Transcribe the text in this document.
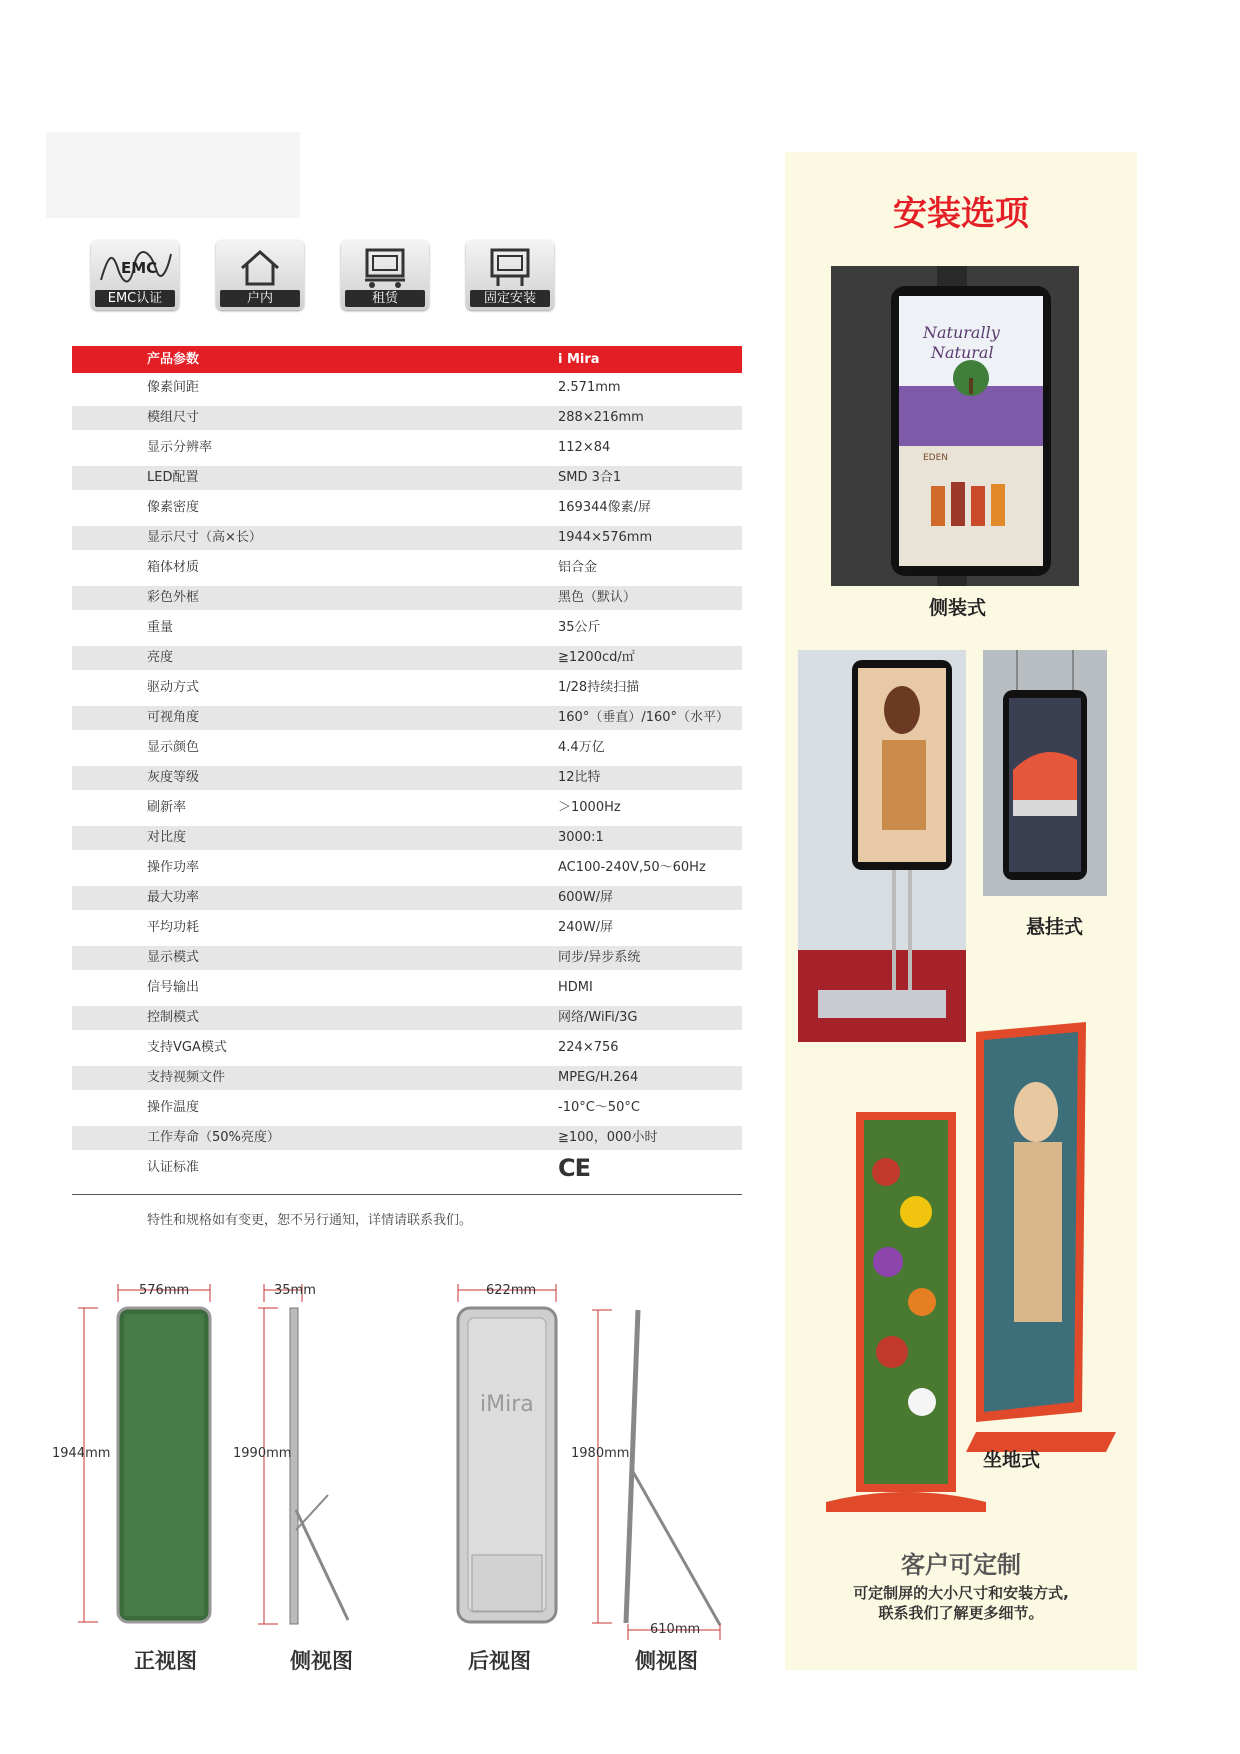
EMC
EMC认证	户内	租赁	固定安装
产品参数	i Mira
像素间距	2.571mm
模组尺寸	288×216mm
显示分辨率	112×84
LED配置	SMD 3合1
像素密度	169344像素/屏
显示尺寸（高×长）	1944×576mm
箱体材质	铝合金
彩色外框	黑色（默认）
重量	35公斤
亮度	≧1200cd/㎡
驱动方式	1/28持续扫描
可视角度	160°（垂直）/160°（水平）
显示颜色	4.4万亿
灰度等级	12比特
刷新率	＞1000Hz
对比度	3000:1
操作功率	AC100-240V,50～60Hz
最大功率	600W/屏
平均功耗	240W/屏
显示模式	同步/异步系统
信号输出	HDMI
控制模式	网络/WiFi/3G
支持VGA模式	224×756
支持视频文件	MPEG/H.264
操作温度	-10°C～50°C
工作寿命（50%亮度）	≧100，000小时
认证标准	CE
特性和规格如有变更，恕不另行通知，详情请联系我们。
576mm
1944mm
35mm
1990mm
622mm
iMira
1980mm
610mm
正视图	侧视图	后视图	侧视图
安装选项
Naturally
Natural
EDEN
侧装式
悬挂式
坐地式
客户可定制
可定制屏的大小尺寸和安装方式,
联系我们了解更多细节。
